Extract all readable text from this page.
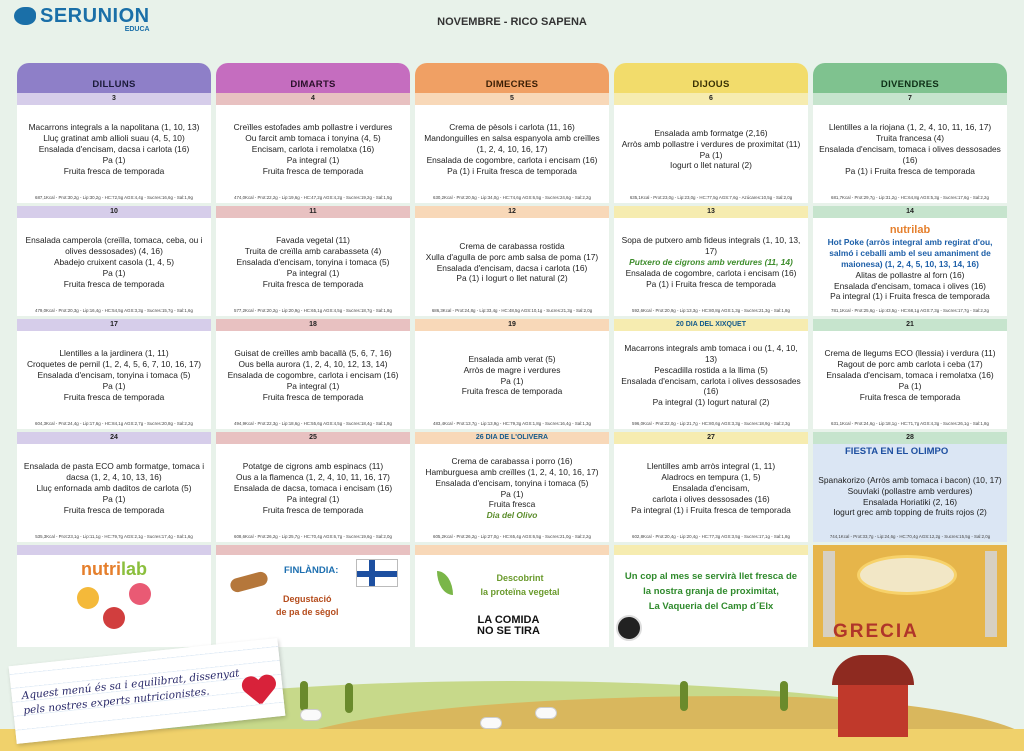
SERUNION
EDUCA
NOVEMBRE - RICO SAPENA
DILLUNS	DIMARTS	DIMECRES	DIJOUS	DIVENDRES
3
Macarrons integrals a la napolitana (1, 10, 13)
Lluç gratinat amb allioli suau (4, 5, 10)
Ensalada d'encisam, dacsa i carlota (16)
Pa (1)
Fruita fresca de temporada
687,1Kcal - Prot:30,2g - Lip:30,2g - HC:72,5g AGS:4,4g - Sucres:16,6g - Sal:1,9g
4
Creïlles estofades amb pollastre i verdures
Ou farcit amb tomaca i tonyina (4, 5)
Encisam, carlota i remolatxa (16)
Pa integral (1)
Fruita fresca de temporada
474,0Kcal - Prot:22,2g - Lip:19,6g - HC:47,2g AGS:4,2g - Sucres:19,2g - Sal:1,5g
5
Crema de pèsols i carlota (11, 16)
Mandonguilles en salsa espanyola amb creïlles (1, 2, 4, 10, 16, 17)
Ensalada de cogombre, carlota i encisam (16)
Pa (1) i Fruita fresca de temporada
630,2Kcal - Prot:20,5g - Lip:34,0g - HC:74,6g AGS:6,5g - Sucres:24,6g - Sal:2,2g
6
Ensalada amb formatge (2,16)
Arròs amb pollastre i verdures de proximitat (11)
Pa (1)
Iogurt o llet natural (2)
635,1Kcal - Prot:23,0g - Lip:23,0g - HC:77,5g AGS:7,6g - Azúcares:10,5g - Sal:2,0g
7
Llentilles a la riojana (1, 2, 4, 10, 11, 16, 17)
Truita francesa (4)
Ensalada d'encisam, tomaca i olives dessosades (16)
Pa (1) i Fruita fresca de temporada
681,7Kcal - Prot:29,7g - Lip:31,2g - HC:64,8g AGS:5,3g - Sucres:17,6g - Sal:2,2g
10
Ensalada camperola (creïlla, tomaca, ceba, ou i olives dessosades) (4, 16)
Abadejo cruixent casola (1, 4, 5)
Pa (1)
Fruita fresca de temporada
479,0Kcal - Prot:20,3g - Lip:16,4g - HC:54,5g AGS:3,3g - Sucres:15,7g - Sal:1,6g
11
Favada vegetal (11)
Truita de creïlla amb carabasseta (4)
Ensalada d'encisam, tonyina i tomaca (5)
Pa integral (1)
Fruita fresca de temporada
577,2Kcal - Prot:20,2g - Lip:20,9g - HC:65,1g AGS:4,5g - Sucres:18,7g - Sal:1,8g
12
Crema de carabassa rostida
Xulla d'agulla de porc amb salsa de poma (17)
Ensalada d'encisam, dacsa i carlota (16)
Pa (1) i Iogurt o llet natural (2)
686,3Kcal - Prot:24,8g - Lip:33,4g - HC:48,5g AGS:10,1g - Sucres:21,3g - Sal:2,0g
13
Sopa de putxero amb fideus integrals (1, 10, 13, 17)
Putxero de cigrons amb verdures (11, 14)
Ensalada de cogombre, carlota i encisam (16)
Pa (1) i Fruita fresca de temporada
592,6Kcal - Prot:20,9g - Lip:13,3g - HC:80,8g AGS:1,3g - Sucres:21,3g - Sal:1,8g
14
nutrilab
Hot Poke (arròs integral amb regirat d'ou, salmó i ceballi amb el seu amaniment de maionesa) (1, 2, 4, 5, 10, 13, 14, 16)
Alitas de pollastre al forn (16)
Ensalada d'encisam, tomaca i olives (16)
Pa integral (1) i Fruita fresca de temporada
781,1Kcal - Prot:25,6g - Lip:43,5g - HC:68,1g AGS:7,3g - Sucres:17,7g - Sal:2,2g
17
Llentilles a la jardinera (1, 11)
Croquetes de pernil (1, 2, 4, 5, 6, 7, 10, 16, 17)
Ensalada d'encisam, tonyina i tomaca (5)
Pa (1)
Fruita fresca de temporada
604,3Kcal - Prot:24,4g - Lip:17,6g - HC:84,1g AGS:2,7g - Sucres:20,8g - Sal:2,2g
18
Guisat de creïlles amb bacallà (5, 6, 7, 16)
Ous bella aurora (1, 2, 4, 10, 12, 13, 14)
Ensalada de cogombre, carlota i encisam (16)
Pa integral (1)
Fruita fresca de temporada
494,9Kcal - Prot:22,3g - Lip:18,6g - HC:55,6g AGS:4,5g - Sucres:18,4g - Sal:1,8g
19
Ensalada amb verat (5)
Arròs de magre i verdures
Pa (1)
Fruita fresca de temporada
483,4Kcal - Prot:13,7g - Lip:13,9g - HC:79,3g AGS:1,8g - Sucres:16,4g - Sal:1,3g
20 DIA DEL XIXQUET
Macarrons integrals amb tomaca i ou (1, 4, 10, 13)
Pescadilla rostida a la llima (5)
Ensalada d'encisam, carlota i olives dessosades (16)
Pa integral (1) Iogurt natural (2)
596,0Kcal - Prot:22,0g - Lip:21,7g - HC:80,6g AGS:3,3g - Sucres:18,9g - Sal:2,3g
21
Crema de llegums ECO (llessia) i verdura (11)
Ragout de porc amb carlota i ceba (17)
Ensalada d'encisam, tomaca i remolatxa (16)
Pa (1)
Fruita fresca de temporada
631,1Kcal - Prot:24,6g - Lip:18,1g - HC:71,7g AGS:4,3g - Sucres:26,1g - Sal:1,8g
24
Ensalada de pasta ECO amb formatge, tomaca i dacsa (1, 2, 4, 10, 13, 16)
Lluç enfornada amb daditos de carlota (5)
Pa (1)
Fruita fresca de temporada
535,3Kcal - Prot:23,1g - Lip:11,1g - HC:79,7g AGS:2,1g - Sucres:17,4g - Sal:1,6g
25
Potatge de cigrons amb espinacs (11)
Ous a la flamenca (1, 2, 4, 10, 11, 16, 17)
Ensalada de dacsa, tomaca i encisam (16)
Pa integral (1)
Fruita fresca de temporada
608,6Kcal - Prot:26,2g - Lip:25,7g - HC:70,4g AGS:6,7g - Sucres:19,6g - Sal:2,0g
26 DIA DE L'OLIVERA
Crema de carabassa i porro (16)
Hamburguesa amb creïlles (1, 2, 4, 10, 16, 17)
Ensalada d'encisam, tonyina i tomaca (5)
Pa (1)
Fruita fresca
Dia del Olivo
605,2Kcal - Prot:26,2g - Lip:27,0g - HC:65,4g AGS:6,5g - Sucres:21,0g - Sal:2,2g
27
Llentilles amb arròs integral (1, 11)
Aladrocs en tempura (1, 5)
Ensalada d'encisam,
carlota i olives dessosades (16)
Pa integral (1) i Fruita fresca de temporada
602,8Kcal - Prot:20,4g - Lip:20,4g - HC:77,3g AGS:3,5g - Sucres:17,1g - Sal:1,8g
28
FIESTA EN EL OLIMPO
Spanakorizo (Arròs amb tomaca i bacon) (10, 17)
Souvlaki (pollastre amb verdures)
Ensalada Horiatiki (2, 16)
Iogurt grec amb topping de fruits rojos (2)
744,1Kcal - Prot:33,7g - Lip:24,6g - HC:70,4g AGS:12,2g - Sucres:15,5g - Sal:2,0g
nutrilab	FINLÀNDIA:
Degustació
de pa de sègol
Descobrint
la proteïna vegetal
LA COMIDA
NO SE TIRA
Un cop al mes se servirà llet fresca de
la nostra granja de proximitat,
La Vaqueria del Camp d´Elx
GRECIA
Aquest menú és sa i equilibrat, dissenyat pels nostres experts nutricionistes.
